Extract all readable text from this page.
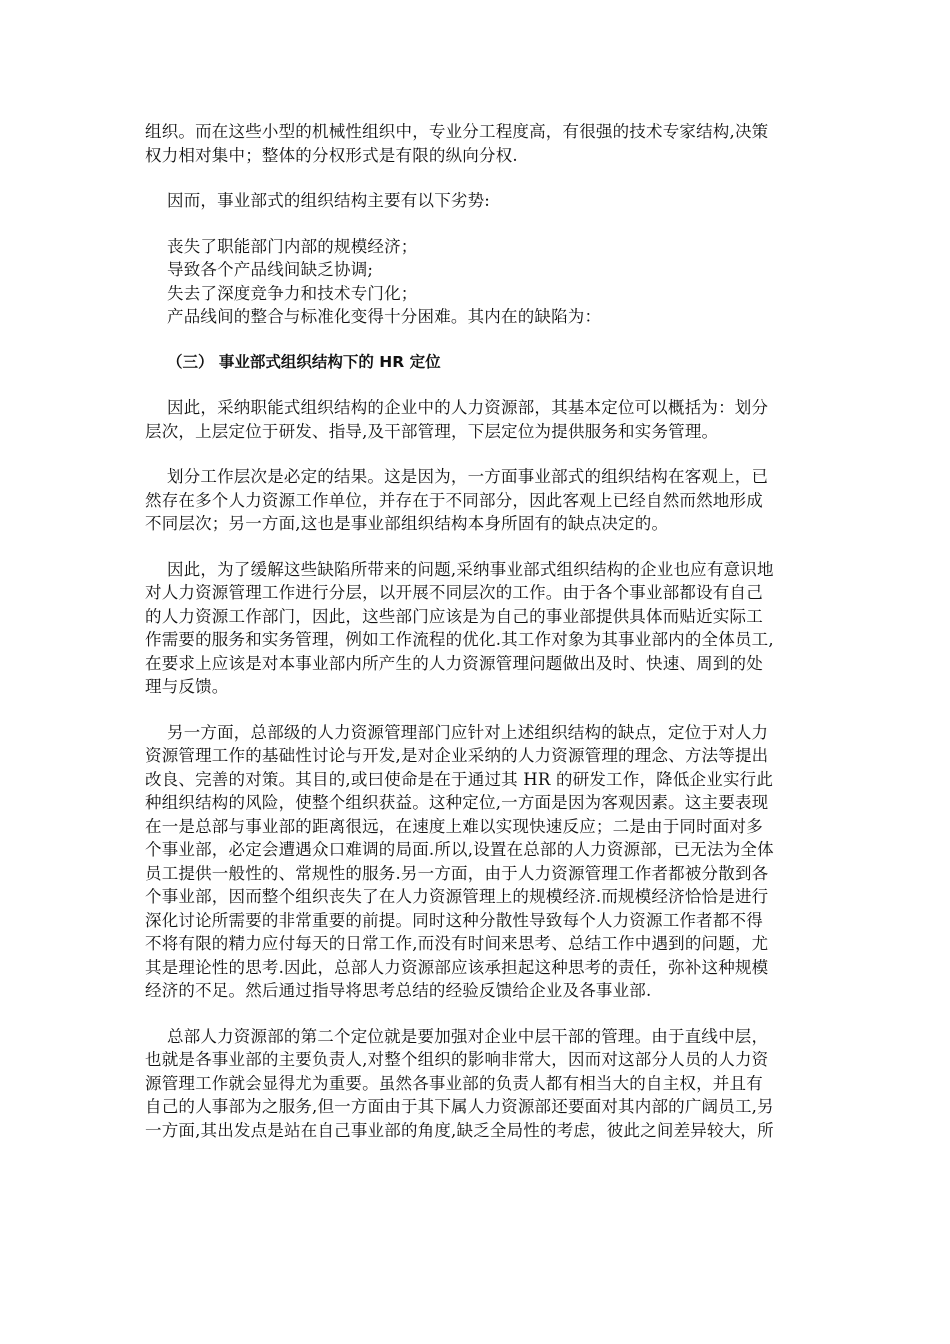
组织。而在这些小型的机械性组织中，专业分工程度高，有很强的技术专家结构,决策
权力相对集中；整体的分权形式是有限的纵向分权.

因而，事业部式的组织结构主要有以下劣势:

丧失了职能部门内部的规模经济；

导致各个产品线间缺乏协调;

失去了深度竞争力和技术专门化；

产品线间的整合与标准化变得十分困难。其内在的缺陷为：

（三） 事业部式组织结构下的 HR 定位

因此，采纳职能式组织结构的企业中的人力资源部，其基本定位可以概括为：划分
层次，上层定位于研发、指导,及干部管理，下层定位为提供服务和实务管理。

划分工作层次是必定的结果。这是因为，一方面事业部式的组织结构在客观上，已
然存在多个人力资源工作单位，并存在于不同部分，因此客观上已经自然而然地形成
不同层次；另一方面,这也是事业部组织结构本身所固有的缺点决定的。

因此，为了缓解这些缺陷所带来的问题,采纳事业部式组织结构的企业也应有意识地
对人力资源管理工作进行分层，以开展不同层次的工作。由于各个事业部都设有自己
的人力资源工作部门，因此，这些部门应该是为自己的事业部提供具体而贴近实际工
作需要的服务和实务管理，例如工作流程的优化.其工作对象为其事业部内的全体员工,
在要求上应该是对本事业部内所产生的人力资源管理问题做出及时、快速、周到的处
理与反馈。

另一方面，总部级的人力资源管理部门应针对上述组织结构的缺点，定位于对人力
资源管理工作的基础性讨论与开发,是对企业采纳的人力资源管理的理念、方法等提出
改良、完善的对策。其目的,或曰使命是在于通过其 HR 的研发工作，降低企业实行此
种组织结构的风险，使整个组织获益。这种定位,一方面是因为客观因素。这主要表现
在一是总部与事业部的距离很远，在速度上难以实现快速反应；二是由于同时面对多
个事业部，必定会遭遇众口难调的局面.所以,设置在总部的人力资源部，已无法为全体
员工提供一般性的、常规性的服务.另一方面，由于人力资源管理工作者都被分散到各
个事业部，因而整个组织丧失了在人力资源管理上的规模经济.而规模经济恰恰是进行
深化讨论所需要的非常重要的前提。同时这种分散性导致每个人力资源工作者都不得
不将有限的精力应付每天的日常工作,而没有时间来思考、总结工作中遇到的问题，尤
其是理论性的思考.因此，总部人力资源部应该承担起这种思考的责任，弥补这种规模
经济的不足。然后通过指导将思考总结的经验反馈给企业及各事业部.

总部人力资源部的第二个定位就是要加强对企业中层干部的管理。由于直线中层，
也就是各事业部的主要负责人,对整个组织的影响非常大，因而对这部分人员的人力资
源管理工作就会显得尤为重要。虽然各事业部的负责人都有相当大的自主权，并且有
自己的人事部为之服务,但一方面由于其下属人力资源部还要面对其内部的广阔员工,另
一方面,其出发点是站在自己事业部的角度,缺乏全局性的考虑，彼此之间差异较大，所
